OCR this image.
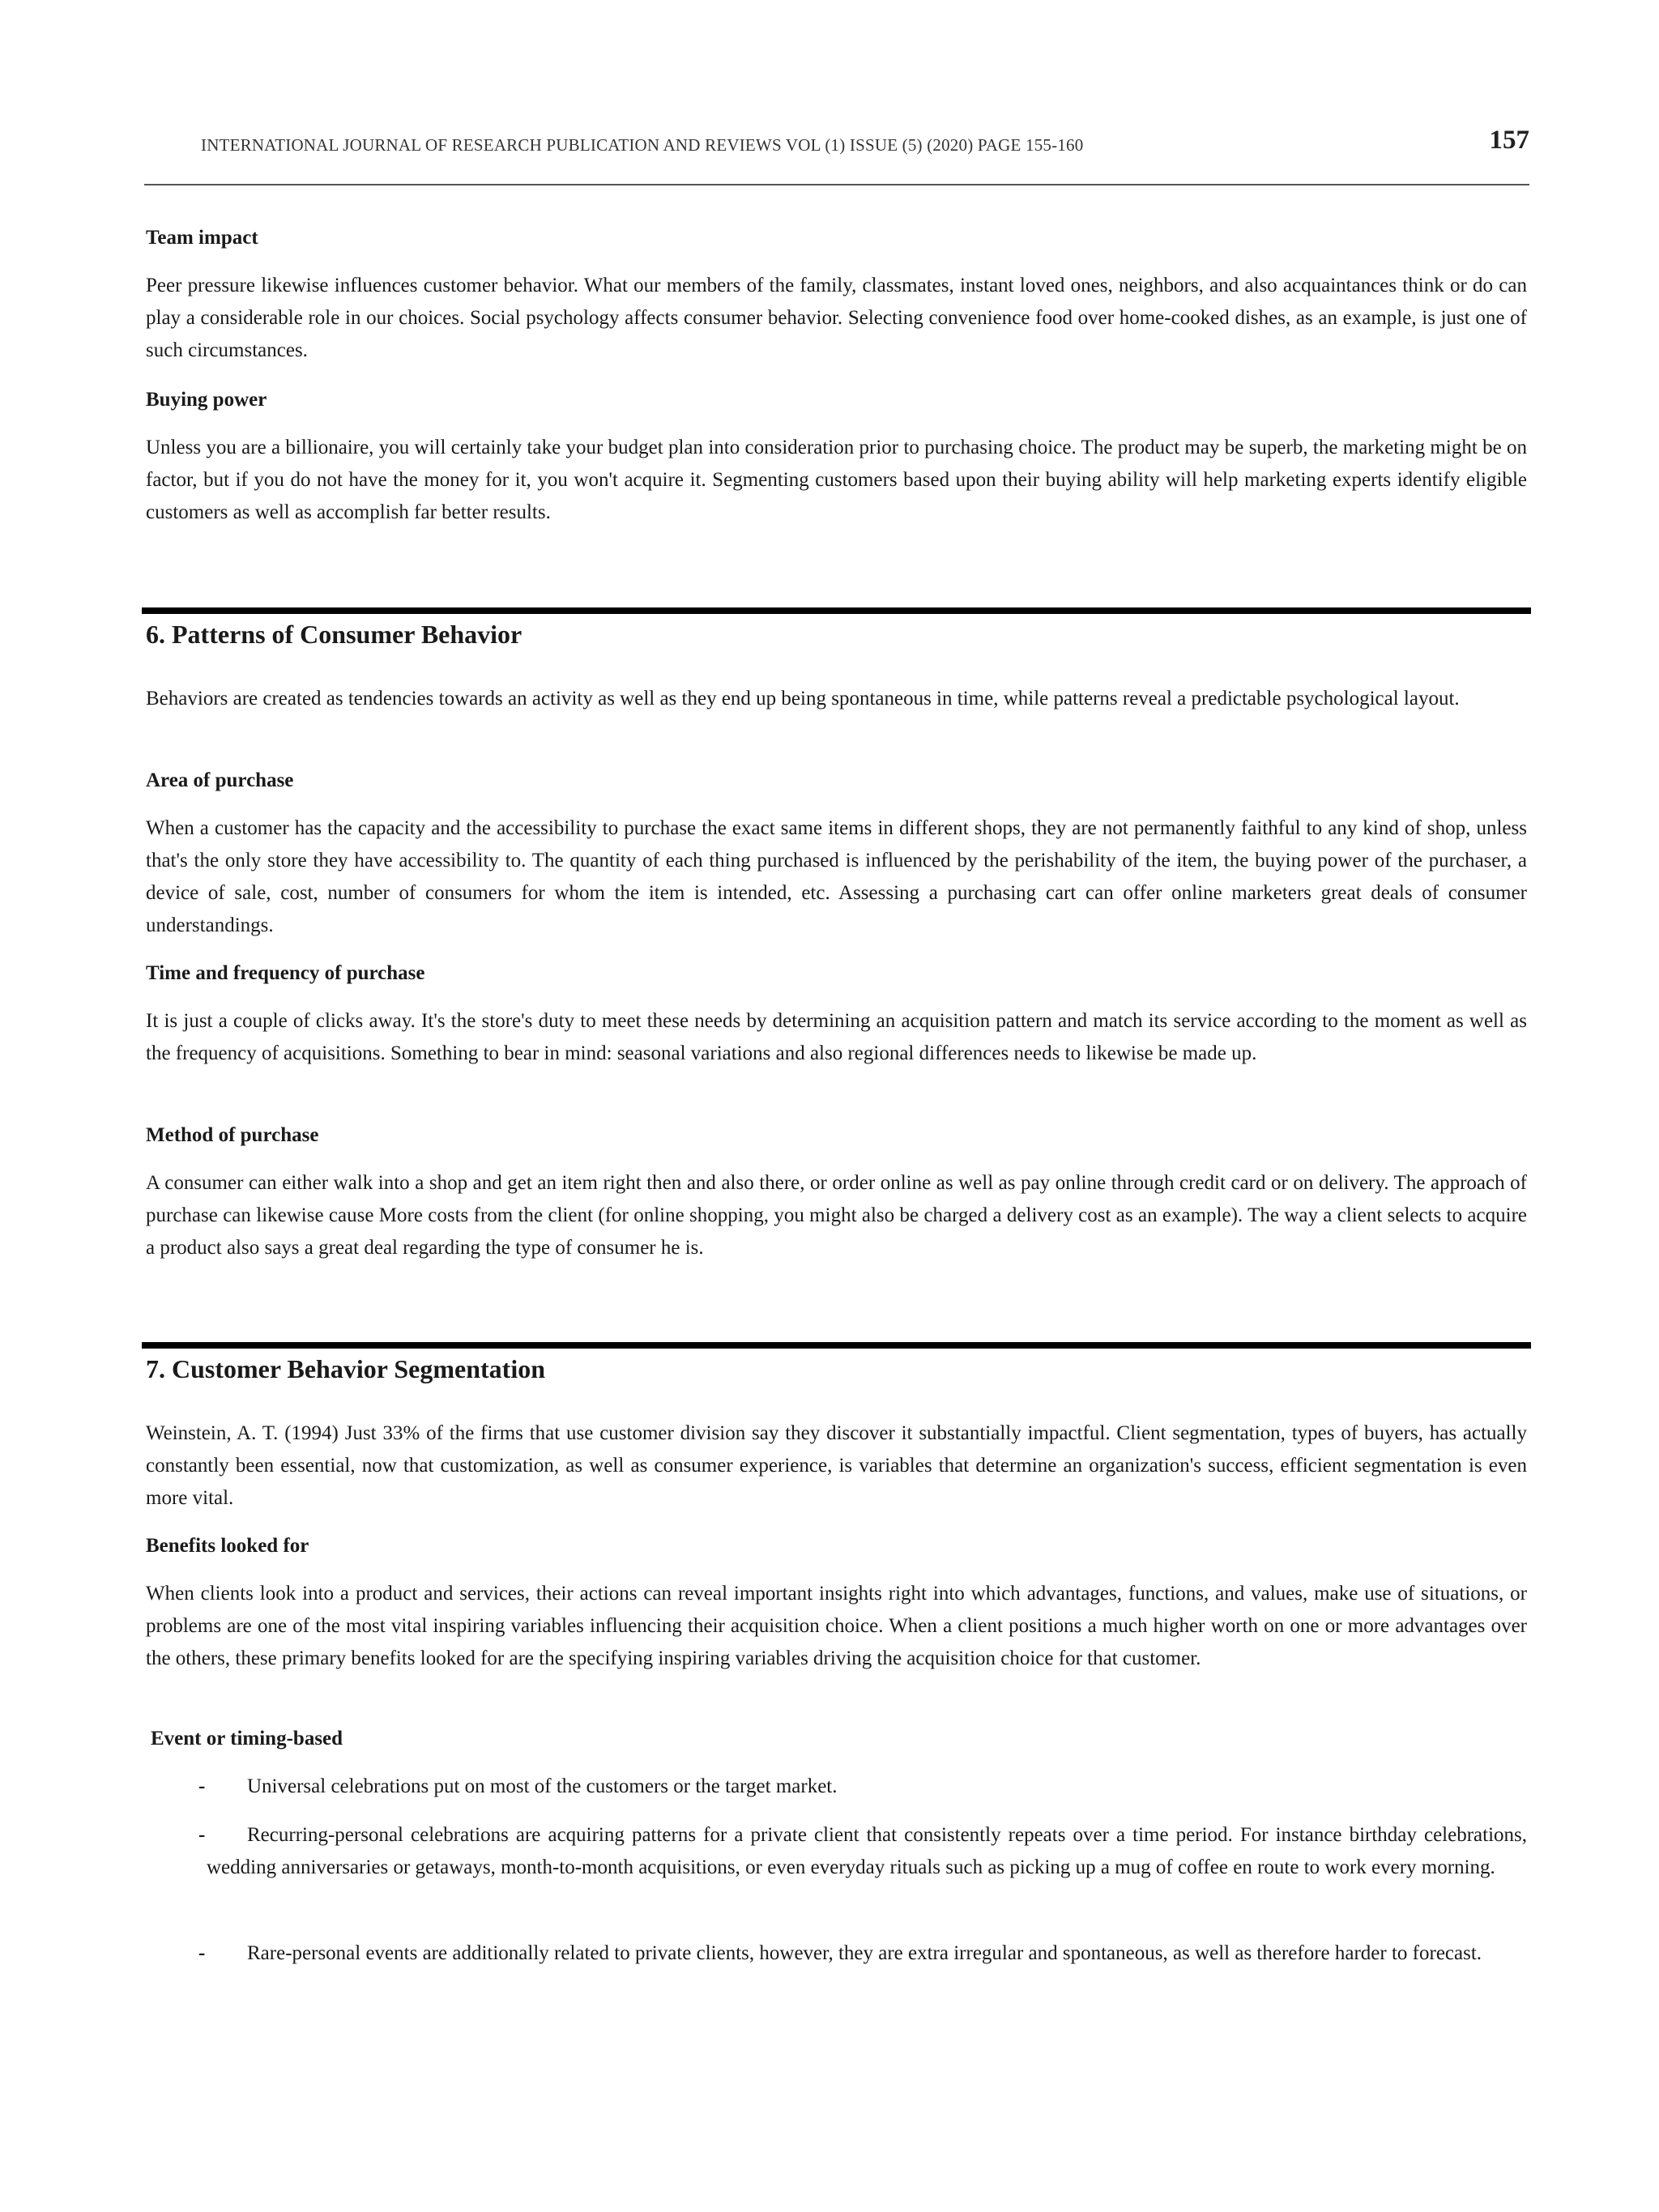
INTERNATIONAL JOURNAL OF RESEARCH PUBLICATION AND REVIEWS VOL (1) ISSUE (5) (2020) PAGE 155-160	157
Team impact
Peer pressure likewise influences customer behavior. What our members of the family, classmates, instant loved ones, neighbors, and also acquaintances think or do can play a considerable role in our choices. Social psychology affects consumer behavior. Selecting convenience food over home-cooked dishes, as an example, is just one of such circumstances.
Buying power
Unless you are a billionaire, you will certainly take your budget plan into consideration prior to purchasing choice. The product may be superb, the marketing might be on factor, but if you do not have the money for it, you won't acquire it. Segmenting customers based upon their buying ability will help marketing experts identify eligible customers as well as accomplish far better results.
6. Patterns of Consumer Behavior
Behaviors are created as tendencies towards an activity as well as they end up being spontaneous in time, while patterns reveal a predictable psychological layout.
Area of purchase
When a customer has the capacity and the accessibility to purchase the exact same items in different shops, they are not permanently faithful to any kind of shop, unless that's the only store they have accessibility to. The quantity of each thing purchased is influenced by the perishability of the item, the buying power of the purchaser, a device of sale, cost, number of consumers for whom the item is intended, etc. Assessing a purchasing cart can offer online marketers great deals of consumer understandings.
Time and frequency of purchase
It is just a couple of clicks away. It's the store's duty to meet these needs by determining an acquisition pattern and match its service according to the moment as well as the frequency of acquisitions. Something to bear in mind: seasonal variations and also regional differences needs to likewise be made up.
Method of purchase
A consumer can either walk into a shop and get an item right then and also there, or order online as well as pay online through credit card or on delivery. The approach of purchase can likewise cause More costs from the client (for online shopping, you might also be charged a delivery cost as an example). The way a client selects to acquire a product also says a great deal regarding the type of consumer he is.
7. Customer Behavior Segmentation
Weinstein, A. T. (1994) Just 33% of the firms that use customer division say they discover it substantially impactful. Client segmentation, types of buyers, has actually constantly been essential, now that customization, as well as consumer experience, is variables that determine an organization's success, efficient segmentation is even more vital.
Benefits looked for
When clients look into a product and services, their actions can reveal important insights right into which advantages, functions, and values, make use of situations, or problems are one of the most vital inspiring variables influencing their acquisition choice. When a client positions a much higher worth on one or more advantages over the others, these primary benefits looked for are the specifying inspiring variables driving the acquisition choice for that customer.
Event or timing-based
-	Universal celebrations put on most of the customers or the target market.
-	Recurring-personal celebrations are acquiring patterns for a private client that consistently repeats over a time period. For instance birthday celebrations, wedding anniversaries or getaways, month-to-month acquisitions, or even everyday rituals such as picking up a mug of coffee en route to work every morning.
-	Rare-personal events are additionally related to private clients, however, they are extra irregular and spontaneous, as well as therefore harder to forecast.
